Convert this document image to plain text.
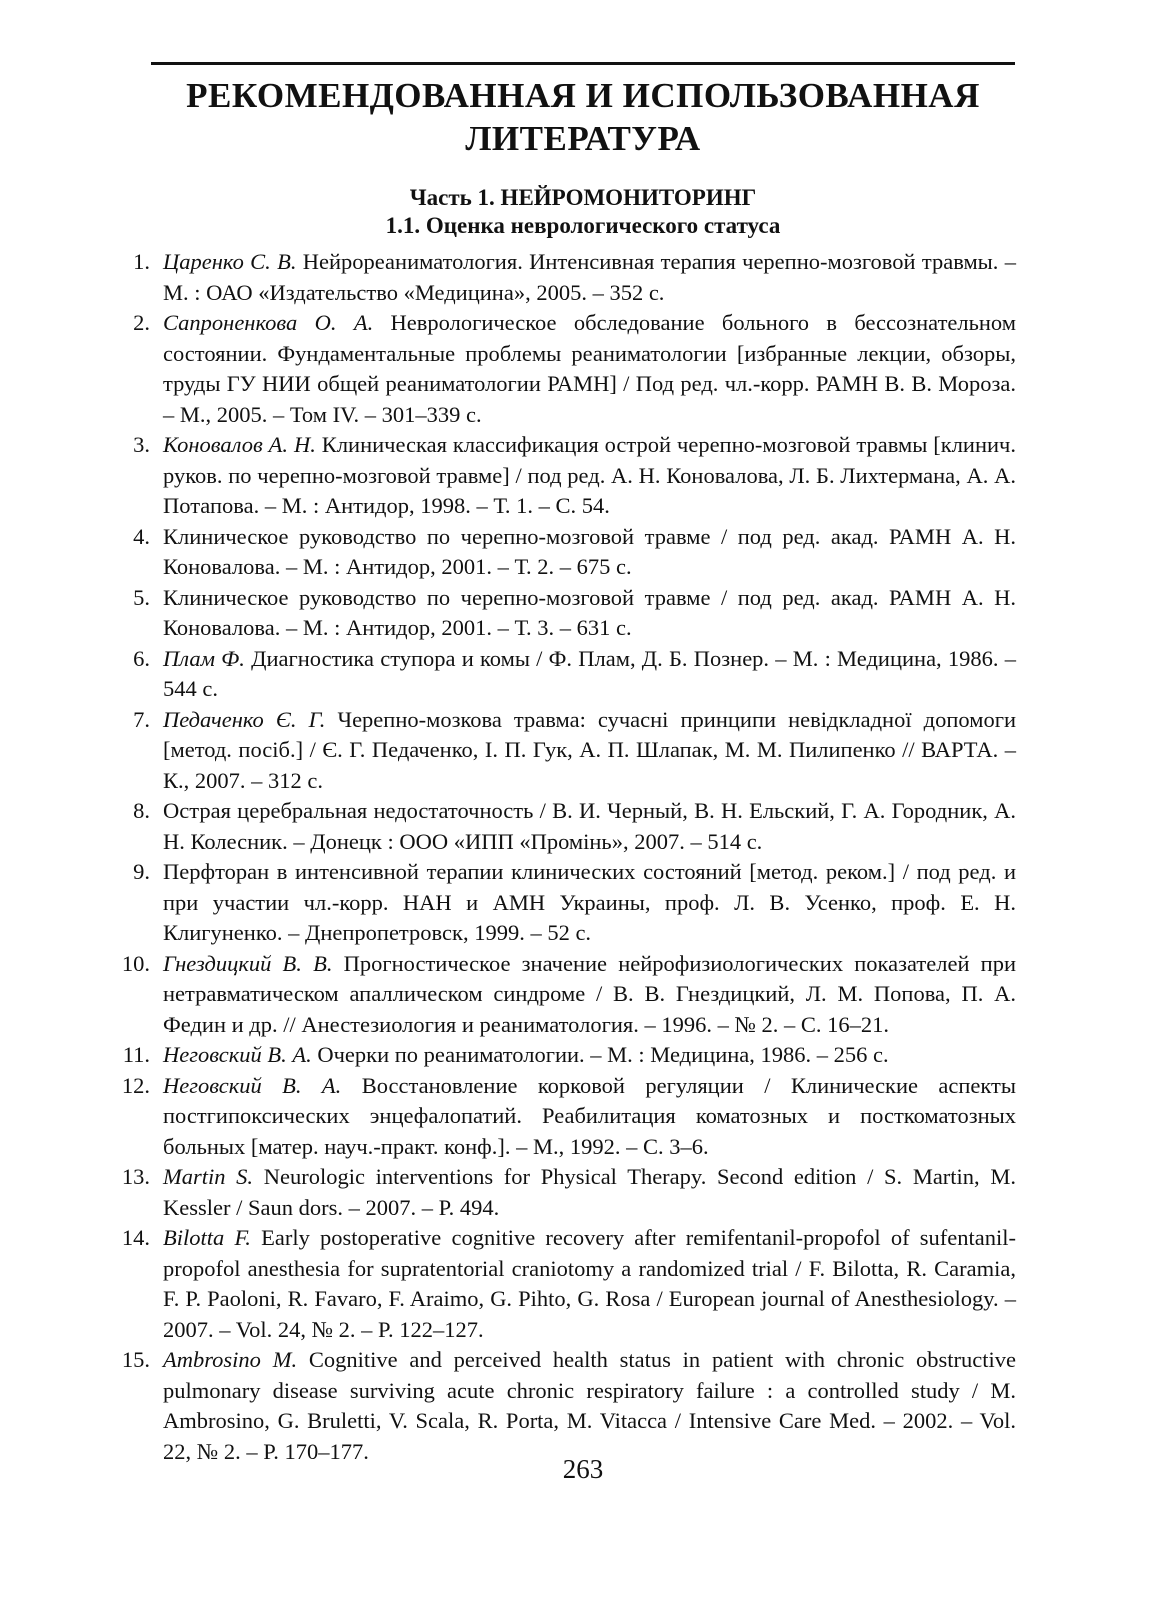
РЕКОМЕНДОВАННАЯ И ИСПОЛЬЗОВАННАЯ
ЛИТЕРАТУРА
Часть 1. НЕЙРОМОНИТОРИНГ
1.1. Оценка неврологического статуса
1. Царенко С. В. Нейрореаниматология. Интенсивная терапия черепно-мозговой травмы. – М. : ОАО «Издательство «Медицина», 2005. – 352 с.
2. Сапроненкова О. А. Неврологическое обследование больного в бессознательном состоянии. Фундаментальные проблемы реаниматологии [избранные лекции, обзоры, труды ГУ НИИ общей реаниматологии РАМН] / Под ред. чл.-корр. РАМН В. В. Мороза. – М., 2005. – Том IV. – 301–339 с.
3. Коновалов А. Н. Клиническая классификация острой черепно-мозговой травмы [клинич. руков. по черепно-мозговой травме] / под ред. А. Н. Коновалова, Л. Б. Лихтермана, А. А. Потапова. – М. : Антидор, 1998. – Т. 1. – С. 54.
4. Клиническое руководство по черепно-мозговой травме / под ред. акад. РАМН А. Н. Коновалова. – М. : Антидор, 2001. – Т. 2. – 675 с.
5. Клиническое руководство по черепно-мозговой травме / под ред. акад. РАМН А. Н. Коновалова. – М. : Антидор, 2001. – Т. 3. – 631 с.
6. Плам Ф. Диагностика ступора и комы / Ф. Плам, Д. Б. Познер. – М. : Медицина, 1986. – 544 с.
7. Педаченко Є. Г. Черепно-мозкова травма: сучасні принципи невідкладної допомоги [метод. посіб.] / Є. Г. Педаченко, І. П. Гук, А. П. Шлапак, М. М. Пилипенко // ВАРТА. – К., 2007. – 312 с.
8. Острая церебральная недостаточность / В. И. Черный, В. Н. Ельский, Г. А. Городник, А. Н. Колесник. – Донецк : ООО «ИПП «Промінь», 2007. – 514 с.
9. Перфторан в интенсивной терапии клинических состояний [метод. реком.] / под ред. и при участии чл.-корр. НАН и АМН Украины, проф. Л. В. Усенко, проф. Е. Н. Клигуненко. – Днепропетровск, 1999. – 52 с.
10. Гнездицкий В. В. Прогностическое значение нейрофизиологических показателей при нетравматическом апаллическом синдроме / В. В. Гнездицкий, Л. М. Попова, П. А. Федин и др. // Анестезиология и реаниматология. – 1996. – № 2. – С. 16–21.
11. Неговский В. А. Очерки по реаниматологии. – М. : Медицина, 1986. – 256 с.
12. Неговский В. А. Восстановление корковой регуляции / Клинические аспекты постгипоксических энцефалопатий. Реабилитация коматозных и посткоматозных больных [матер. науч.-практ. конф.]. – М., 1992. – С. 3–6.
13. Martin S. Neurologic interventions for Physical Therapy. Second edition / S. Martin, M. Kessler / Saun dors. – 2007. – P. 494.
14. Bilotta F. Early postoperative cognitive recovery after remifentanil-propofol of sufentanil-propofol anesthesia for supratentorial craniotomy a randomized trial / F. Bilotta, R. Caramia, F. P. Paoloni, R. Favaro, F. Araimo, G. Pihto, G. Rosa / European journal of Anesthesiology. – 2007. – Vol. 24, № 2. – P. 122–127.
15. Ambrosino M. Cognitive and perceived health status in patient with chronic obstructive pulmonary disease surviving acute chronic respiratory failure : a controlled study / M. Ambrosino, G. Bruletti, V. Scala, R. Porta, M. Vitacca / Intensive Care Med. – 2002. – Vol. 22, № 2. – P. 170–177.
263
